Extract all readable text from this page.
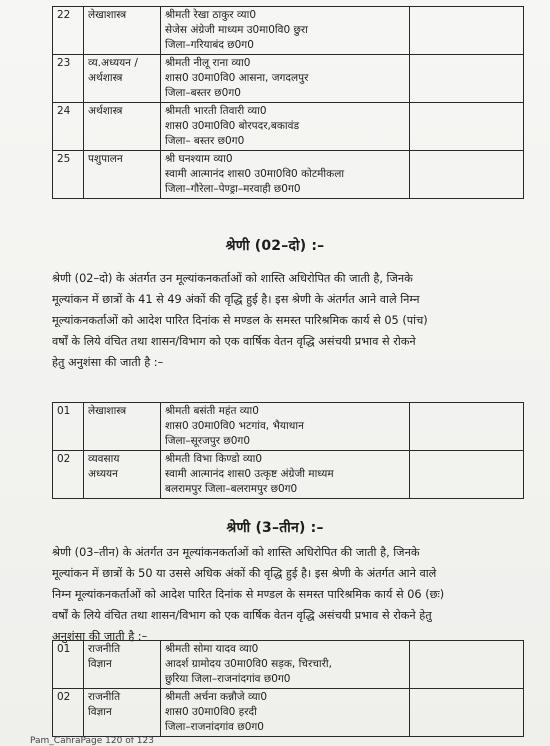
22	लेखाशास्त्र	श्रीमती रेखा ठाकुर व्या0
सेजेस अंग्रेजी माध्यम उ0मा0वि0 छुरा
जिला–गरियाबंद छ0ग0	

23	व्य.अध्ययन /
अर्थशास्त्र	श्रीमती नीलू राना व्या0
शास0 उ0मा0वि0 आसना, जगदलपुर
जिला–बस्तर छ0ग0	

24	अर्थशास्त्र	श्रीमती भारती तिवारी व्या0
शास0 उ0मा0वि0 बोरपदर,बकावंड
जिला– बस्तर छ0ग0	

25	पशुपालन	श्री घनश्याम व्या0
स्वामी आत्मानंद शास0 उ0मा0वि0 कोटमीकला
जिला–गौरेला–पेण्ड्रा–मरवाही छ0ग0	

श्रेणी (02–दो) :–
श्रेणी (02–दो) के अंतर्गत उन मूल्यांकनकर्ताओं को शास्ति अधिरोपित की जाती है, जिनके
मूल्यांकन में छात्रों के 41 से 49 अंकों की वृद्धि हुई है। इस श्रेणी के अंतर्गत आने वाले निम्न
मूल्यांकनकर्ताओं को आदेश पारित दिनांक से मण्डल के समस्त पारिश्रमिक कार्य से 05 (पांच)
वर्षों के लिये वंचित तथा शासन/विभाग को एक वार्षिक वेतन वृद्धि असंचयी प्रभाव से रोकने
हेतु अनुशंसा की जाती है :–
01	लेखाशास्त्र	श्रीमती बसंती महंत व्या0
शास0 उ0मा0वि0 भटगांव, भैयाथान
जिला–सूरजपुर छ0ग0	

02	व्यवसाय
अध्ययन	श्रीमती विभा किण्डो व्या0
स्वामी आत्मानंद शास0 उत्कृष्ट अंग्रेजी माध्यम
बलरामपुर जिला–बलरामपुर छ0ग0	

श्रेणी (3–तीन) :–
श्रेणी (03–तीन) के अंतर्गत उन मूल्यांकनकर्ताओं को शास्ति अधिरोपित की जाती है, जिनके
मूल्यांकन में छात्रों के 50 या उससे अधिक अंकों की वृद्धि हुई है। इस श्रेणी के अंतर्गत आने वाले
निम्न मूल्यांकनकर्ताओं को आदेश पारित दिनांक से मण्डल के समस्त पारिश्रमिक कार्य से 06 (छः)
वर्षों के लिये वंचित तथा शासन/विभाग को एक वार्षिक वेतन वृद्धि असंचयी प्रभाव से रोकने हेतु
अनुशंसा की जाती है :–
01	राजनीति
विज्ञान	श्रीमती सोमा यादव व्या0
आदर्श ग्रामोदय उ0मा0वि0 सड़क, चिरचारी,
छुरिया जिला–राजनांदगांव छ0ग0	

02	राजनीति
विज्ञान	श्रीमती अर्चना कन्नौजे व्या0
शास0 उ0मा0वि0 हरदी
जिला–राजनांदगांव छ0ग0	

Pam_CahraPage 120 of 123
